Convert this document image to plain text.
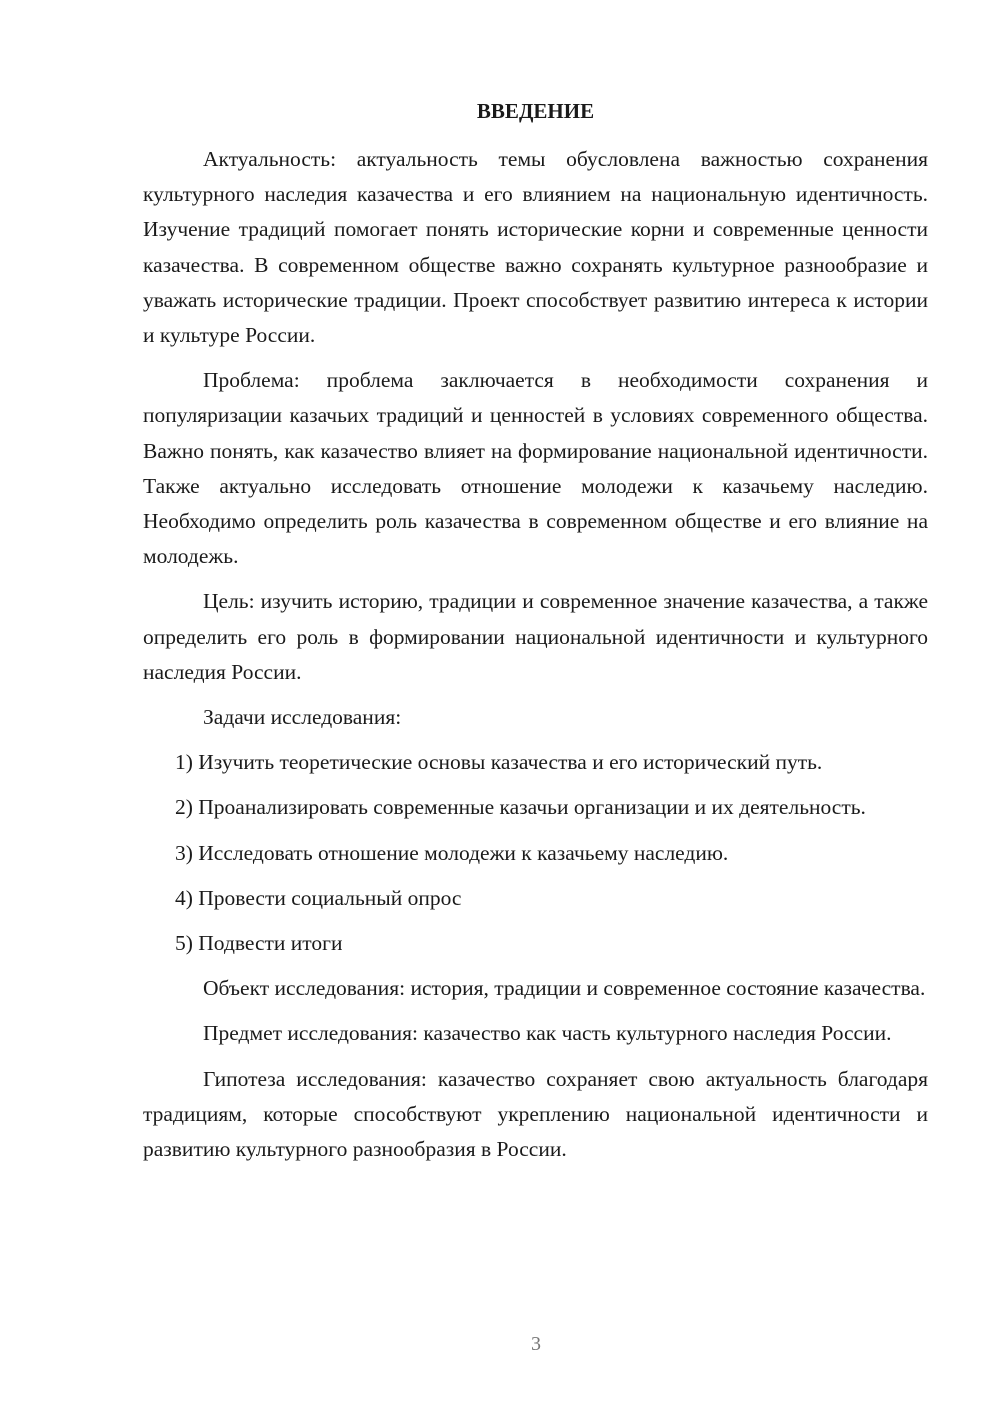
ВВЕДЕНИЕ

Актуальность: актуальность темы обусловлена важностью сохранения культурного наследия казачества и его влиянием на национальную идентичность. Изучение традиций помогает понять исторические корни и современные ценности казачества. В современном обществе важно сохранять культурное разнообразие и уважать исторические традиции. Проект способствует развитию интереса к истории и культуре России.

Проблема: проблема заключается в необходимости сохранения и популяризации казачьих традиций и ценностей в условиях современного общества. Важно понять, как казачество влияет на формирование национальной идентичности. Также актуально исследовать отношение молодежи к казачьему наследию. Необходимо определить роль казачества в современном обществе и его влияние на молодежь.

Цель: изучить историю, традиции и современное значение казачества, а также определить его роль в формировании национальной идентичности и культурного наследия России.

Задачи исследования:

1) Изучить теоретические основы казачества и его исторический путь.

2) Проанализировать современные казачьи организации и их деятельность.

3) Исследовать отношение молодежи к казачьему наследию.

4) Провести социальный опрос

5) Подвести итоги

Объект исследования: история, традиции и современное состояние казачества.

Предмет исследования: казачество как часть культурного наследия России.

Гипотеза исследования: казачество сохраняет свою актуальность благодаря традициям, которые способствуют укреплению национальной идентичности и развитию культурного разнообразия в России.

3
